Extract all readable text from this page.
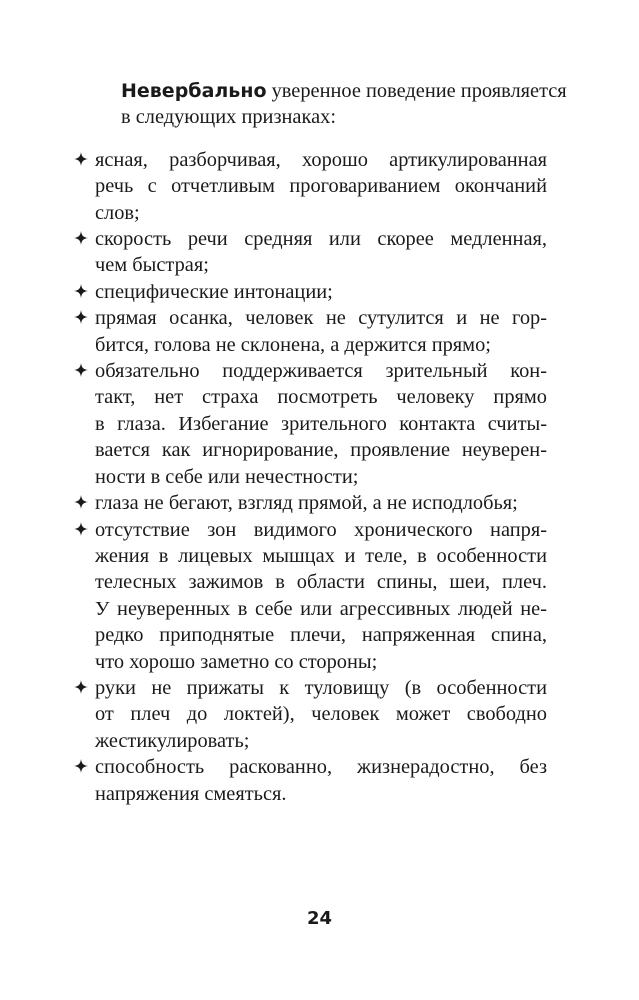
Невербально уверенное поведение проявляется
в следующих признаках:

ясная, разборчивая, хорошо артикулированная
речь с отчетливым проговариванием окончаний
слов;
скорость речи средняя или скорее медленная,
чем быстрая;
специфические интонации;
прямая осанка, человек не сутулится и не гор-
бится, голова не склонена, а держится прямо;
обязательно поддерживается зрительный кон-
такт, нет страха посмотреть человеку прямо
в глаза. Избегание зрительного контакта считы-
вается как игнорирование, проявление неуверен-
ности в себе или нечестности;
глаза не бегают, взгляд прямой, а не исподлобья;
отсутствие зон видимого хронического напря-
жения в лицевых мышцах и теле, в особенности
телесных зажимов в области спины, шеи, плеч.
У неуверенных в себе или агрессивных людей не-
редко приподнятые плечи, напряженная спина,
что хорошо заметно со стороны;
руки не прижаты к туловищу (в особенности
от плеч до локтей), человек может свободно
жестикулировать;
способность раскованно, жизнерадостно, без
напряжения смеяться.
24
